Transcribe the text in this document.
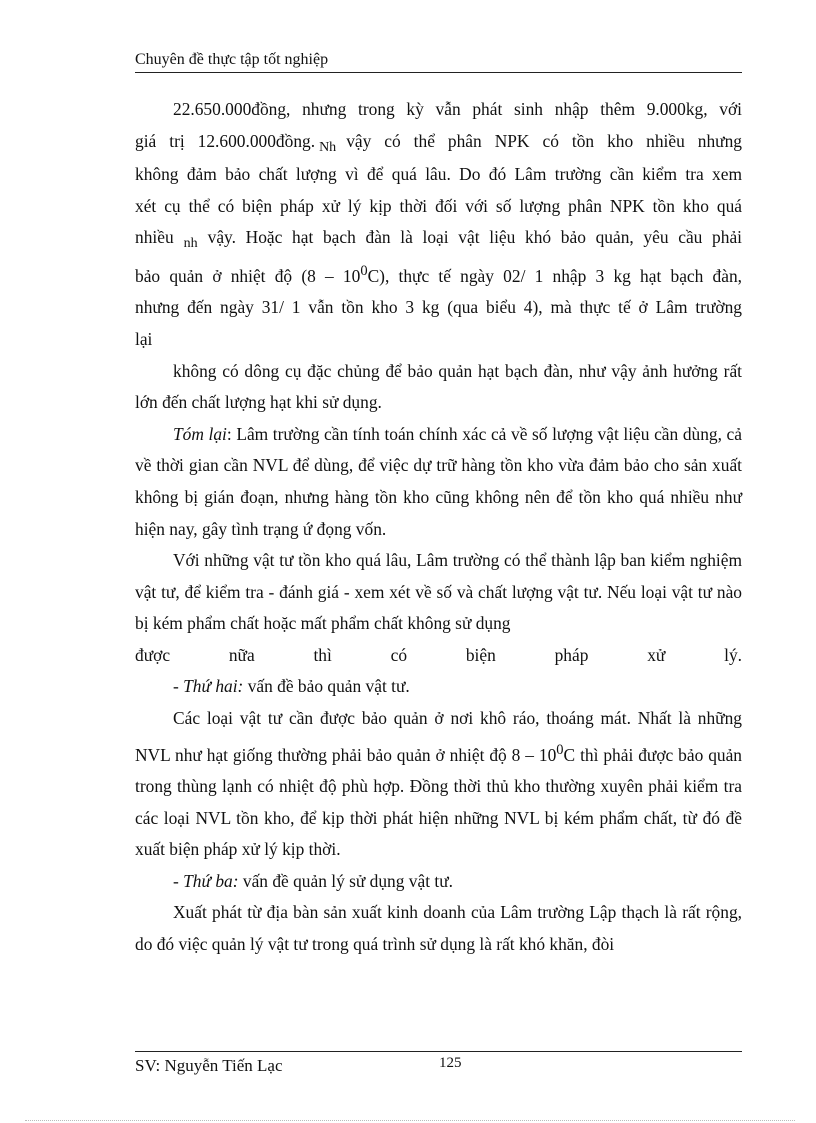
Chuyên đề thực tập tốt nghiệp

22.650.000đồng, nhưng trong kỳ vẫn phát sinh nhập thêm 9.000kg, với

giá trị 12.600.000đồng. $_{Nh}$ vậy có thể phân NPK có tồn kho nhiều nhưng

không đảm bảo chất lượng vì để quá lâu. Do đó Lâm trường cần kiểm tra xem

xét cụ thể có biện pháp xử lý kịp thời đối với số lượng phân NPK tồn kho quá

nhiều $_{nh}$ vậy. Hoặc hạt bạch đàn là loại vật liệu khó bảo quản, yêu cầu phải

bảo quản ở nhiệt độ $(8 - 10^0C)$, thực tế ngày 02/ 1 nhập 3 kg hạt bạch đàn,

nhưng đến ngày 31/ 1 vẫn tồn kho 3 kg (qua biểu 4), mà thực tế ở Lâm trường

lại

không có dông cụ đặc chủng để bảo quản hạt bạch đàn, như vậy ảnh hưởng rất lớn đến chất lượng hạt khi sử dụng.

Tóm lại: Lâm trường cần tính toán chính xác cả về số lượng vật liệu cần dùng, cả về thời gian cần NVL để dùng, để việc dự trữ hàng tồn kho vừa đảm bảo cho sản xuất không bị gián đoạn, nhưng hàng tồn kho cũng không nên để tồn kho quá nhiều như hiện nay, gây tình trạng ứ đọng vốn.

Với những vật tư tồn kho quá lâu, Lâm trường có thể thành lập ban kiểm nghiệm vật tư, để kiểm tra - đánh giá - xem xét về số và chất lượng vật tư. Nếu loại vật tư nào bị kém phẩm chất hoặc mất phẩm chất không sử dụng

được nữa thì có biện pháp xử lý.

- Thứ hai: vấn đề bảo quản vật tư.

Các loại vật tư cần được bảo quản ở nơi khô ráo, thoáng mát. Nhất là những NVL như hạt giống thường phải bảo quản ở nhiệt độ $8 - 10^0C$ thì phải được bảo quản trong thùng lạnh có nhiệt độ phù hợp. Đồng thời thủ kho thường xuyên phải kiểm tra các loại NVL tồn kho, để kịp thời phát hiện những NVL bị kém phẩm chất, từ đó đề xuất biện pháp xử lý kịp thời.

- Thứ ba: vấn đề quản lý sử dụng vật tư.

Xuất phát từ địa bàn sản xuất kinh doanh của Lâm trường Lập thạch là rất rộng, do đó việc quản lý vật tư trong quá trình sử dụng là rất khó khăn, đòi

SV: Nguyễn Tiến Lạc	125
